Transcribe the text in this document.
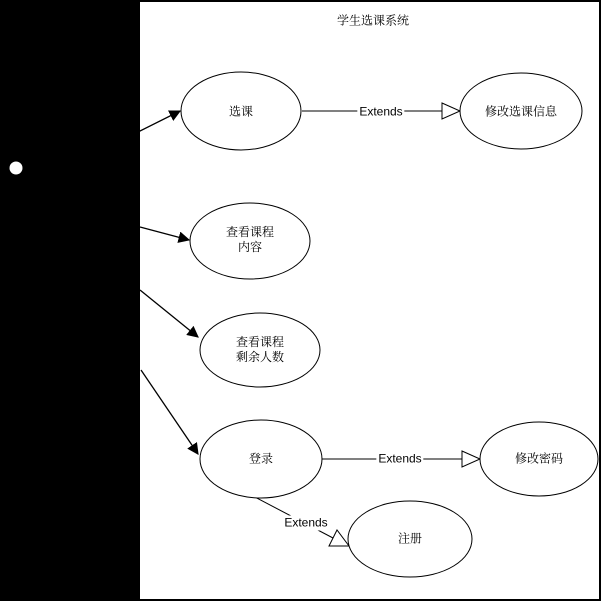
学生选课系统
选课	修改选课信息
查看课程
内容
查看课程
剩余人数
登录	修改密码
注册
Extends
Extends
Extends
